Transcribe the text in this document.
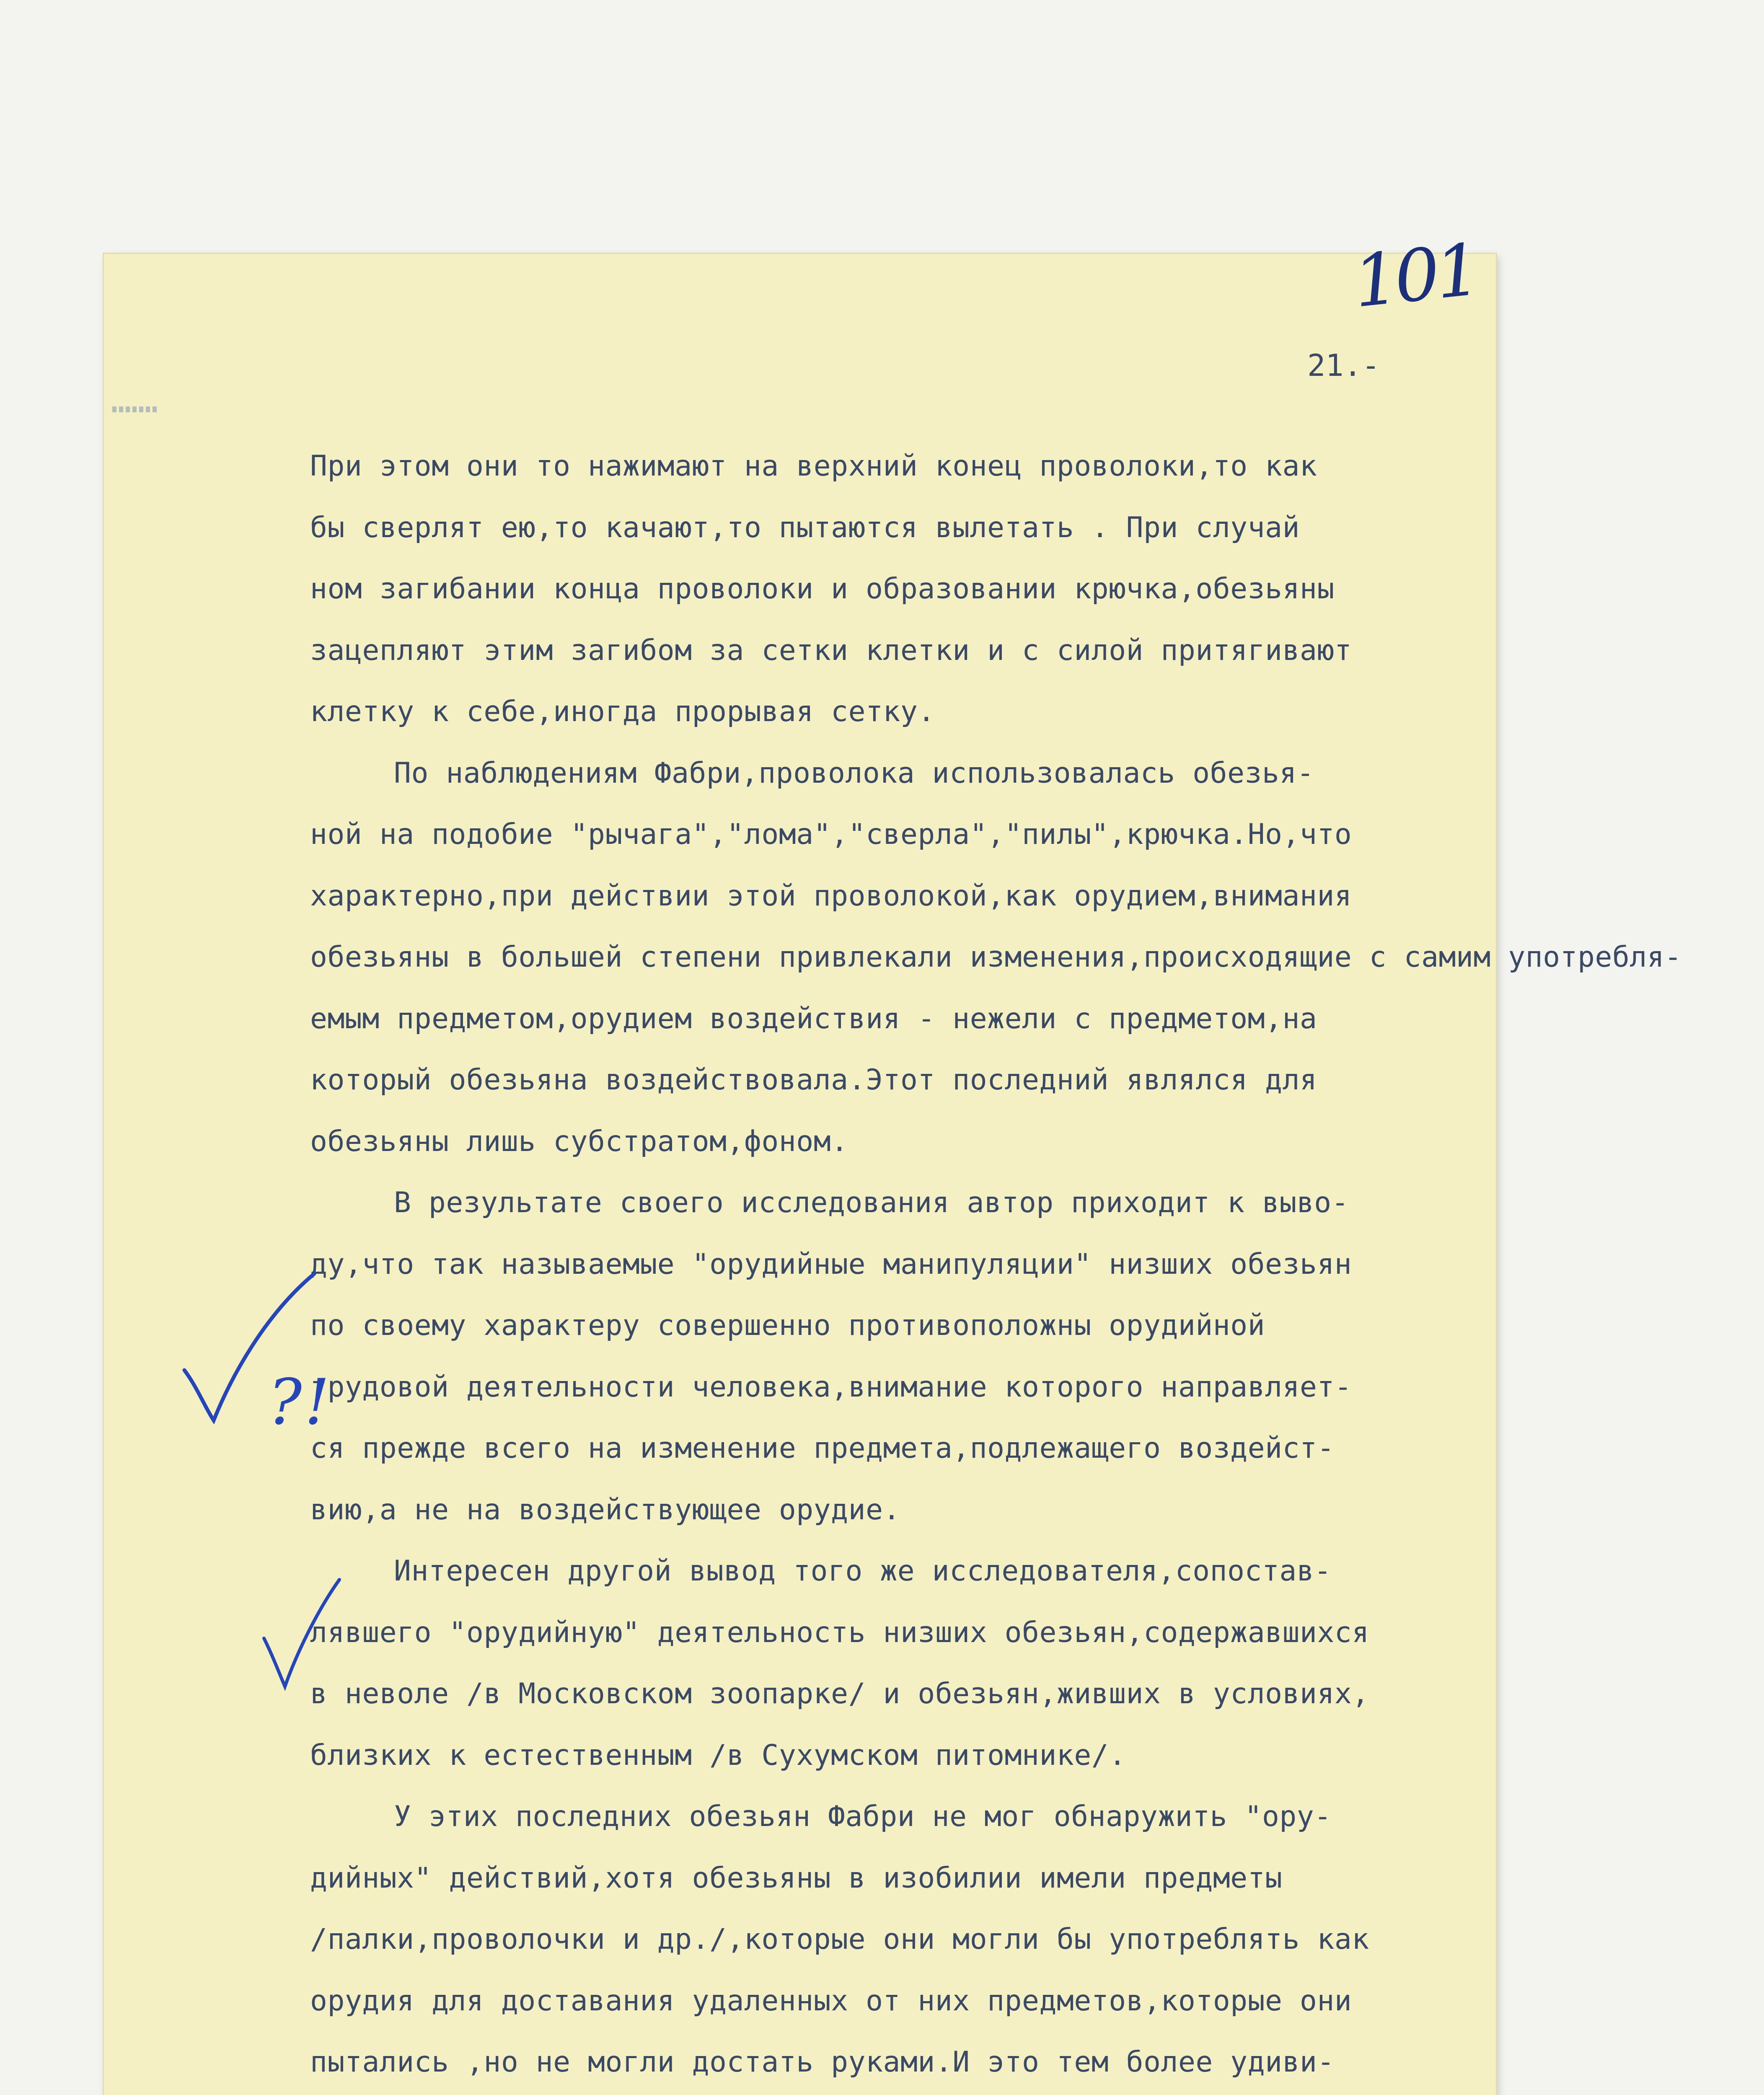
101
21.-
При этом они то нажимают на верхний конец проволоки,то как
бы сверлят ею,то качают,то пытаются вылетать . При случай
ном загибании конца проволоки и образовании крючка,обезьяны
зацепляют этим загибом за сетки клетки и с силой притягивают
клетку к себе,иногда прорывая сетку.
По наблюдениям Фабри,проволока использовалась обезья-
ной на подобие "рычага","лома","сверла","пилы",крючка.Но,что
характерно,при действии этой проволокой,как орудием,внимания
обезьяны в большей степени привлекали изменения,происходящие с самим употребля-
емым предметом,орудием воздействия - нежели с предметом,на
который обезьяна воздействовала.Этот последний являлся для
обезьяны лишь субстратом,фоном.
В результате своего исследования автор приходит к выво-
ду,что так называемые "орудийные манипуляции" низших обезьян
по своему характеру совершенно противоположны орудийной
трудовой деятельности человека,внимание которого направляет-
ся прежде всего на изменение предмета,подлежащего воздейст-
вию,а не на воздействующее орудие.
Интересен другой вывод того же исследователя,сопостав-
лявшего "орудийную" деятельность низших обезьян,содержавшихся
в неволе /в Московском зоопарке/ и обезьян,живших в условиях,
близких к естественным /в Сухумском питомнике/.
У этих последних обезьян Фабри не мог обнаружить "ору-
дийных" действий,хотя обезьяны в изобилии имели предметы
/палки,проволочки и др./,которые они могли бы употреблять как
орудия для доставания удаленных от них предметов,которые они
пытались ,но не могли достать руками.И это тем более удиви-
?!
